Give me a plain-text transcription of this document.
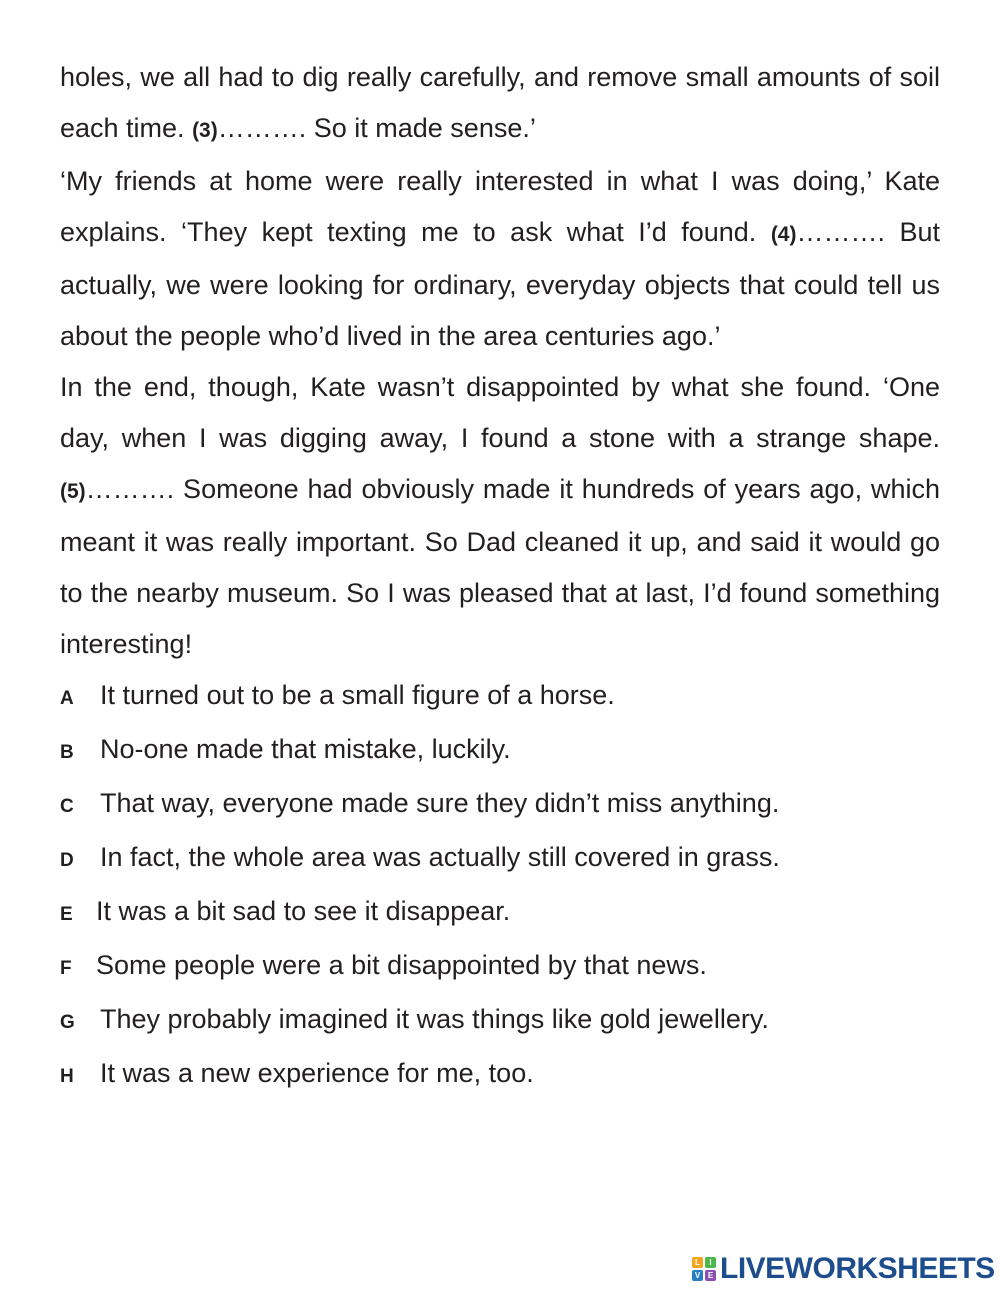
holes, we all had to dig really carefully, and remove small amounts of soil each time. (3)………. So it made sense.’

‘My friends at home were really interested in what I was doing,’ Kate explains. ‘They kept texting me to ask what I’d found. (4)………. But actually, we were looking for ordinary, everyday objects that could tell us about the people who’d lived in the area centuries ago.’

In the end, though, Kate wasn’t disappointed by what she found. ‘One day, when I was digging away, I found a stone with a strange shape. (5)………. Someone had obviously made it hundreds of years ago, which meant it was really important. So Dad cleaned it up, and said it would go to the nearby museum. So I was pleased that at last, I’d found something interesting!

A It turned out to be a small figure of a horse.
B No-one made that mistake, luckily.
C That way, everyone made sure they didn’t miss anything.
D In fact, the whole area was actually still covered in grass.
E It was a bit sad to see it disappear.
F Some people were a bit disappointed by that news.
G They probably imagined it was things like gold jewellery.
H It was a new experience for me, too.
L	I
V E LIVEWORKSHEETS
